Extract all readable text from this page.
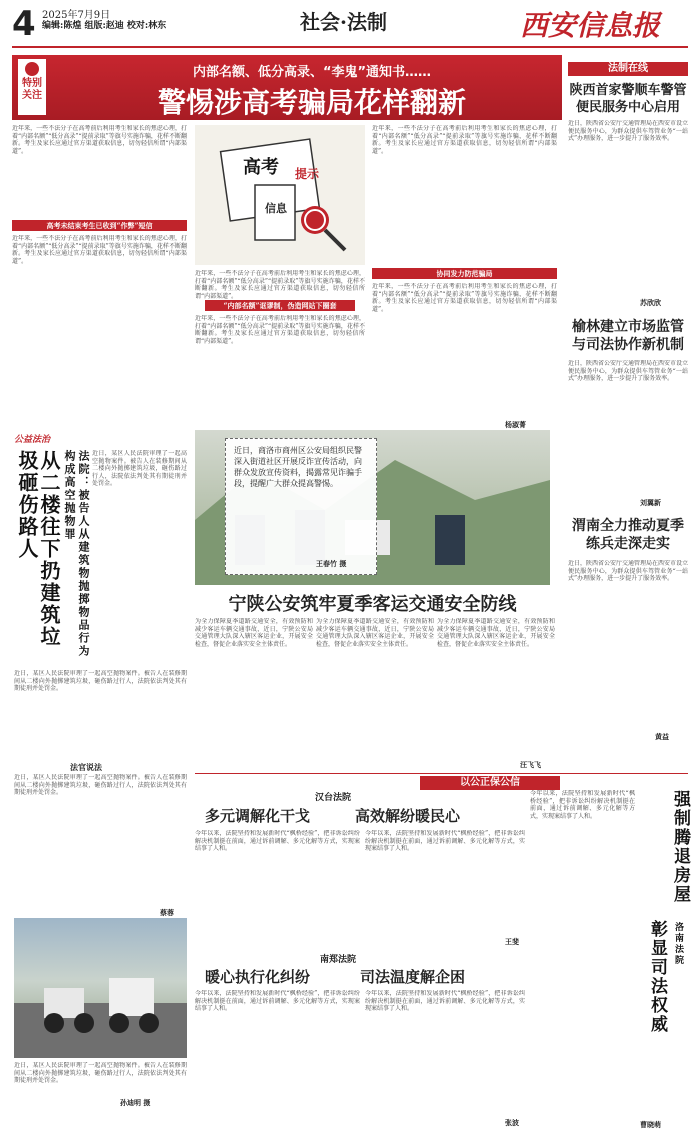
4 2025年7月9日
编辑:陈煌 组版:赵迪 校对:林东	社会·法制	西安信息报
特别关注
内部名额、低分高录、“李鬼”通知书……
警惕涉高考骗局花样翻新
近年来，一些不法分子在高考前后利用考生和家长的焦虑心理，打着“内部名额”“低分高录”“提前录取”等旗号实施诈骗，花样不断翻新。考生及家长应通过官方渠道获取信息，切勿轻信所谓“内部渠道”。
高考未结束考生已收到“作弊”短信
近年来，一些不法分子在高考前后利用考生和家长的焦虑心理，打着“内部名额”“低分高录”“提前录取”等旗号实施诈骗，花样不断翻新。考生及家长应通过官方渠道获取信息，切勿轻信所谓“内部渠道”。
高考 提示
信息
近年来，一些不法分子在高考前后利用考生和家长的焦虑心理，打着“内部名额”“低分高录”“提前录取”等旗号实施诈骗，花样不断翻新。考生及家长应通过官方渠道获取信息，切勿轻信所谓“内部渠道”。
“内部名额”诓谬制，伪造网站下圈套
近年来，一些不法分子在高考前后利用考生和家长的焦虑心理，打着“内部名额”“低分高录”“提前录取”等旗号实施诈骗，花样不断翻新。考生及家长应通过官方渠道获取信息，切勿轻信所谓“内部渠道”。
近年来，一些不法分子在高考前后利用考生和家长的焦虑心理，打着“内部名额”“低分高录”“提前录取”等旗号实施诈骗，花样不断翻新。考生及家长应通过官方渠道获取信息，切勿轻信所谓“内部渠道”。
协同发力防范骗局
近年来，一些不法分子在高考前后利用考生和家长的焦虑心理，打着“内部名额”“低分高录”“提前录取”等旗号实施诈骗，花样不断翻新。考生及家长应通过官方渠道获取信息，切勿轻信所谓“内部渠道”。
杨淑菁
法制在线
陕西首家警顺车警管便民服务中心启用
近日，陕西省公安厅交通管理局在西安市设立便民服务中心，为群众提供车驾管业务“一站式”办理服务，进一步提升了服务效率。
苏欣欣
榆林建立市场监管与司法协作新机制
近日，陕西省公安厅交通管理局在西安市设立便民服务中心，为群众提供车驾管业务“一站式”办理服务，进一步提升了服务效率。
刘翼新
渭南全力推动夏季练兵走深走实
近日，陕西省公安厅交通管理局在西安市设立便民服务中心，为群众提供车驾管业务“一站式”办理服务，进一步提升了服务效率。
黄益
公益法治
从二楼往下扔建筑垃圾砸伤路人	法院：被告人从建筑物抛掷物品行为构成高空抛物罪	近日，某区人民法院审理了一起高空抛物案件。被告人在装修期间从二楼向外抛掷建筑垃圾，砸伤路过行人，法院依法判处其有期徒刑并处罚金。
近日，某区人民法院审理了一起高空抛物案件。被告人在装修期间从二楼向外抛掷建筑垃圾，砸伤路过行人，法院依法判处其有期徒刑并处罚金。
法官说法
近日，某区人民法院审理了一起高空抛物案件。被告人在装修期间从二楼向外抛掷建筑垃圾，砸伤路过行人，法院依法判处其有期徒刑并处罚金。
蔡蓉
近日，某区人民法院审理了一起高空抛物案件。被告人在装修期间从二楼向外抛掷建筑垃圾，砸伤路过行人，法院依法判处其有期徒刑并处罚金。
孙迪明 摄
近日，商洛市商州区公安局组织民警深入街道社区开展反诈宣传活动，向群众发放宣传资料，揭露常见诈骗手段，提醒广大群众提高警惕。
王春竹 摄
宁陕公安筑牢夏季客运交通安全防线
为全力保障夏季道路交通安全，有效预防和减少客运车辆交通事故，近日，宁陕公安局交通管理大队深入辖区客运企业，开展安全检查，督促企业落实安全主体责任。
为全力保障夏季道路交通安全，有效预防和减少客运车辆交通事故，近日，宁陕公安局交通管理大队深入辖区客运企业，开展安全检查，督促企业落实安全主体责任。
为全力保障夏季道路交通安全，有效预防和减少客运车辆交通事故，近日，宁陕公安局交通管理大队深入辖区客运企业，开展安全检查，督促企业落实安全主体责任。
汪飞飞
以公正保公信
汉台法院
多元调解化干戈	高效解纷暖民心
今年以来，法院坚持和发展新时代“枫桥经验”，把非诉讼纠纷解决机制挺在前面，通过诉前调解、多元化解等方式，实现案结事了人和。
今年以来，法院坚持和发展新时代“枫桥经验”，把非诉讼纠纷解决机制挺在前面，通过诉前调解、多元化解等方式，实现案结事了人和。
王斐
南郑法院
暖心执行化纠纷	司法温度解企困
今年以来，法院坚持和发展新时代“枫桥经验”，把非诉讼纠纷解决机制挺在前面，通过诉前调解、多元化解等方式，实现案结事了人和。
今年以来，法院坚持和发展新时代“枫桥经验”，把非诉讼纠纷解决机制挺在前面，通过诉前调解、多元化解等方式，实现案结事了人和。
张波
今年以来，法院坚持和发展新时代“枫桥经验”，把非诉讼纠纷解决机制挺在前面，通过诉前调解、多元化解等方式，实现案结事了人和。	强制腾退房屋
洛南法院
彰显司法权威
曹晓萌
